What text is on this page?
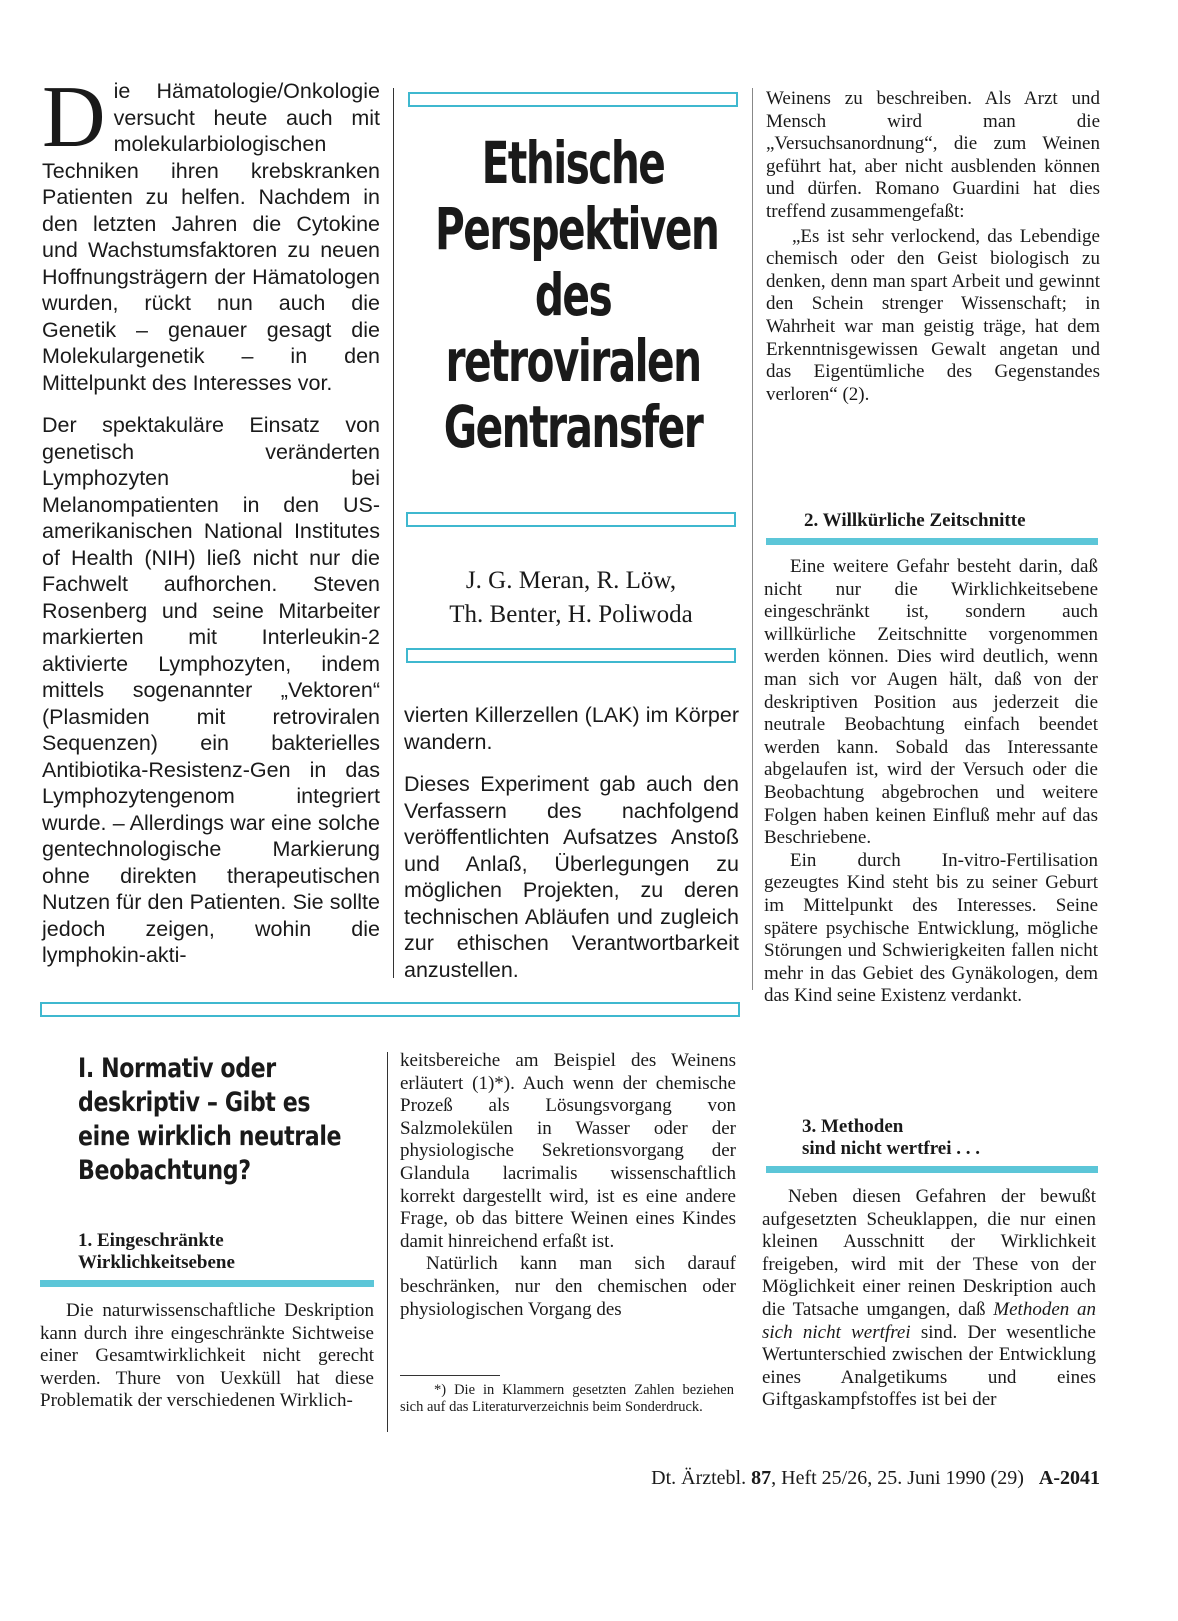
D ie Hämatologie/Onkologie versucht heute auch mit molekularbiologischen Techniken ihren krebskranken Patienten zu helfen. Nachdem in den letzten Jahren die Cytokine und Wachstumsfaktoren zu neuen Hoffnungsträgern der Hämatologen wurden, rückt nun auch die Genetik – genauer gesagt die Molekulargenetik – in den Mittelpunkt des Interesses vor.

Der spektakuläre Einsatz von genetisch veränderten Lymphozyten bei Melanompatienten in den US-amerikanischen National Institutes of Health (NIH) ließ nicht nur die Fachwelt aufhorchen. Steven Rosenberg und seine Mitarbeiter markierten mit Interleukin-2 aktivierte Lymphozyten, indem mittels sogenannter „Vektoren“ (Plasmiden mit retroviralen Sequenzen) ein bakterielles Antibiotika-Resistenz-Gen in das Lymphozytengenom integriert wurde. – Allerdings war eine solche gentechnologische Markierung ohne direkten therapeutischen Nutzen für den Patienten. Sie sollte jedoch zeigen, wohin die lymphokin-akti-

Ethische
Perspektiven
des
retroviralen
Gentransfer
J. G. Meran, R. Löw,
Th. Benter, H. Poliwoda

vierten Killerzellen (LAK) im Körper wandern.

Dieses Experiment gab auch den Verfassern des nachfolgend veröffentlichten Aufsatzes Anstoß und Anlaß, Überlegungen zu möglichen Projekten, zu deren technischen Abläufen und zugleich zur ethischen Verantwortbarkeit anzustellen.

Weinens zu beschreiben. Als Arzt und Mensch wird man die „Versuchsanordnung“, die zum Weinen geführt hat, aber nicht ausblenden können und dürfen. Romano Guardini hat dies treffend zusammengefaßt:

„Es ist sehr verlockend, das Lebendige chemisch oder den Geist biologisch zu denken, denn man spart Arbeit und gewinnt den Schein strenger Wissenschaft; in Wahrheit war man geistig träge, hat dem Erkenntnisgewissen Gewalt angetan und das Eigentümliche des Gegenstandes verloren“ (2).

2. Willkürliche Zeitschnitte

Eine weitere Gefahr besteht darin, daß nicht nur die Wirklichkeitsebene eingeschränkt ist, sondern auch willkürliche Zeitschnitte vorgenommen werden können. Dies wird deutlich, wenn man sich vor Augen hält, daß von der deskriptiven Position aus jederzeit die neutrale Beobachtung einfach beendet werden kann. Sobald das Interessante abgelaufen ist, wird der Versuch oder die Beobachtung abgebrochen und weitere Folgen haben keinen Einfluß mehr auf das Beschriebene.

Ein durch In-vitro-Fertilisation gezeugtes Kind steht bis zu seiner Geburt im Mittelpunkt des Interesses. Seine spätere psychische Entwicklung, mögliche Störungen und Schwierigkeiten fallen nicht mehr in das Gebiet des Gynäkologen, dem das Kind seine Existenz verdankt.

3. Methoden
sind nicht wertfrei . . .

Neben diesen Gefahren der bewußt aufgesetzten Scheuklappen, die nur einen kleinen Ausschnitt der Wirklichkeit freigeben, wird mit der These von der Möglichkeit einer reinen Deskription auch die Tatsache umgangen, daß Methoden an sich nicht wertfrei sind. Der wesentliche Wertunterschied zwischen der Entwicklung eines Analgetikums und eines Giftgaskampfstoffes ist bei der

I. Normativ oder
deskriptiv – Gibt es
eine wirklich neutrale
Beobachtung?
1. Eingeschränkte
Wirklichkeitsebene

Die naturwissenschaftliche Deskription kann durch ihre eingeschränkte Sichtweise einer Gesamtwirklichkeit nicht gerecht werden. Thure von Uexküll hat diese Problematik der verschiedenen Wirklich-

keitsbereiche am Beispiel des Weinens erläutert (1)*). Auch wenn der chemische Prozeß als Lösungsvorgang von Salzmolekülen in Wasser oder der physiologische Sekretionsvorgang der Glandula lacrimalis wissenschaftlich korrekt dargestellt wird, ist es eine andere Frage, ob das bittere Weinen eines Kindes damit hinreichend erfaßt ist.

Natürlich kann man sich darauf beschränken, nur den chemischen oder physiologischen Vorgang des

*) Die in Klammern gesetzten Zahlen beziehen sich auf das Literaturverzeichnis beim Sonderdruck.

Dt. Ärztebl. 87, Heft 25/26, 25. Juni 1990 (29) A-2041
